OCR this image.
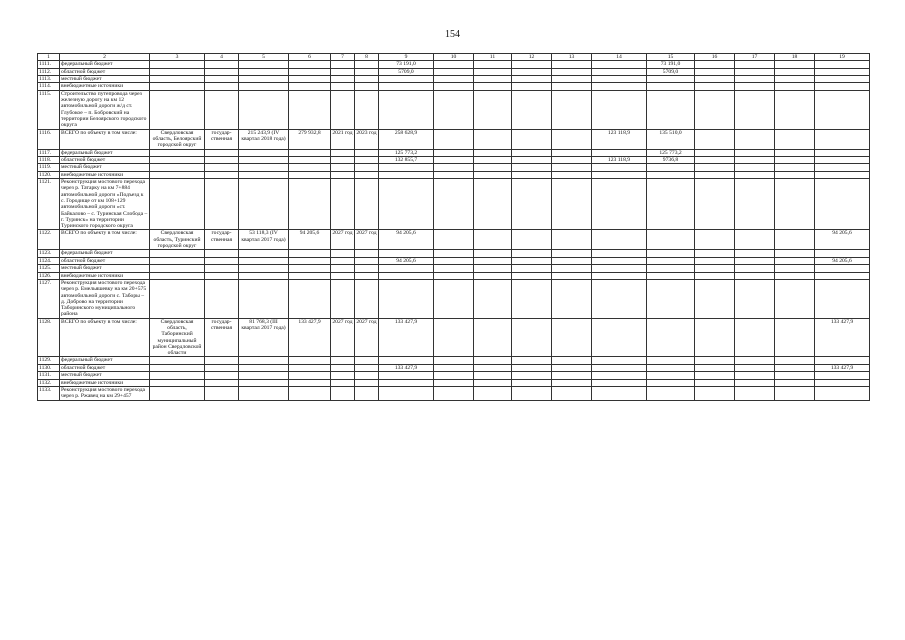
154
1	2	3	4	5	6	7	8	9	10	11	12	13	14	15	16	17	18	19
1111.	федеральный бюджет							73 191,0						73 191,0				
1112.	областной бюджет							5709,0						5709,0				
1113.	местный бюджет																	
1114.	внебюджетные источники																	
1115.	Строительство путепровода через железную дорогу на км 12 автомобильной дороги ж/д ст. Глубокое – п. Бобровский на территории Белоярского городского округа																	
1116.	ВСЕГО по объекту в том числе:	Свердловская область, Белоярский городской округ	государ-ственная	215 243,9 (IV квартал 2018 года)	279 932,8	2021 год	2023 год	258 628,9					123 118,9	135 510,0				
1117.	федеральный бюджет							125 773,2						125 773,2				
1118.	областной бюджет							132 855,7					123 118,9	9736,8				
1119.	местный бюджет																	
1120.	внебюджетные источники																	
1121.	Реконструкция мостового перехода через р. Татарку на км 7+884 автомобильной дороги «Подъезд к с. Городище от км 108+129 автомобильной дороги «ст. Байкалово – с. Туринская Слобода – г. Туринск» на территории Туринского городского округа																	
1122.	ВСЕГО по объекту в том числе:	Свердловская область, Туринский городской округ	государ-ственная	53 118,3 (IV квартал 2017 года)	94 205,6	2027 год	2027 год	94 205,6										94 205,6
1123.	федеральный бюджет																	
1124.	областной бюджет							94 205,6										94 205,6
1125.	местный бюджет																	
1126.	внебюджетные источники																	
1127.	Реконструкция мостового перехода через р. Емельяшевку на км 20+575 автомобильной дороги с. Таборы – д. Доброво на территории Таборинского муниципального района																	
1128.	ВСЕГО по объекту в том числе:	Свердловская область, Таборинский муниципальный район Свердловской области	государ-ственная	81 768,3 (III квартал 2017 года)	133 427,9	2027 год	2027 год	133 427,9										133 427,9
1129.	федеральный бюджет																	
1130.	областной бюджет							133 427,9										133 427,9
1131.	местный бюджет																	
1132.	внебюджетные источники																	
1133.	Реконструкция мостового перехода через р. Ржавец на км 29+457																	
